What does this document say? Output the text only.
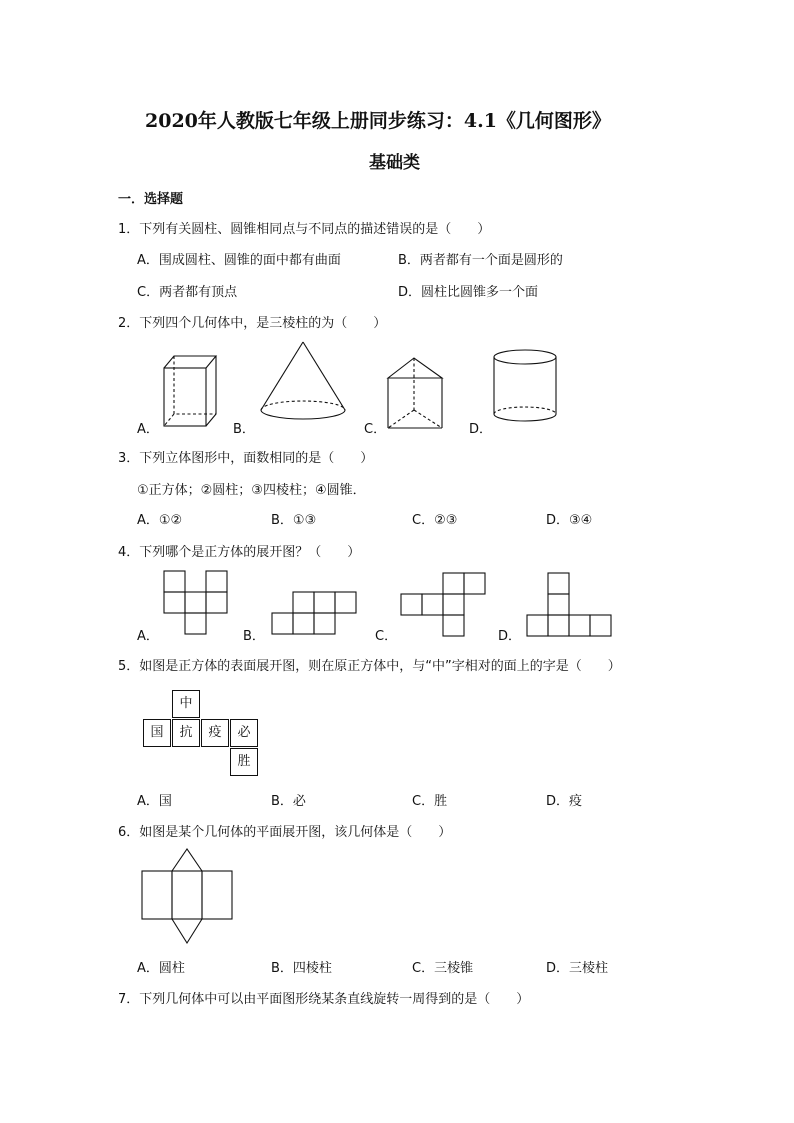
2020年人教版七年级上册同步练习：4.1《几何图形》
基础类
一．选择题
1．下列有关圆柱、圆锥相同点与不同点的描述错误的是（　　）
A．围成圆柱、圆锥的面中都有曲面	B．两者都有一个面是圆形的
C．两者都有顶点	D．圆柱比圆锥多一个面
2．下列四个几何体中，是三棱柱的为（　　）
A．	B．	C．	D．
3．下列立体图形中，面数相同的是（　　）
①正方体；②圆柱；③四棱柱；④圆锥．
A．①②	B．①③	C．②③	D．③④
4．下列哪个是正方体的展开图？（　　）
A．	B．	C．	D．
5．如图是正方体的表面展开图，则在原正方体中，与“中”字相对的面上的字是（　　）
中
国	抗	疫	必
胜
A．国	B．必	C．胜	D．疫
6．如图是某个几何体的平面展开图，该几何体是（　　）
A．圆柱	B．四棱柱	C．三棱锥	D．三棱柱
7．下列几何体中可以由平面图形绕某条直线旋转一周得到的是（　　）
